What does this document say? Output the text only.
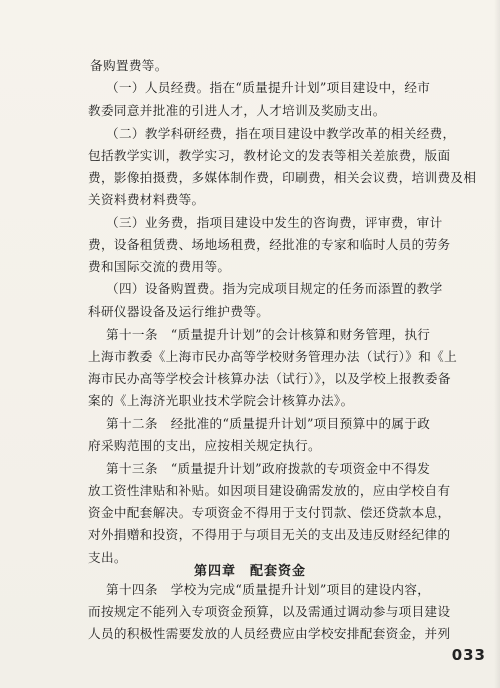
备购置费等。
（一）人员经费。指在“质量提升计划”项目建设中，经市
教委同意并批准的引进人才，人才培训及奖励支出。
（二）教学科研经费，指在项目建设中教学改革的相关经费，
包括教学实训，教学实习，教材论文的发表等相关差旅费，版面
费，影像拍摄费，多媒体制作费，印刷费，相关会议费，培训费及相
关资料费材料费等。
（三）业务费，指项目建设中发生的咨询费，评审费，审计
费，设备租赁费、场地场租费，经批准的专家和临时人员的劳务
费和国际交流的费用等。
（四）设备购置费。指为完成项目规定的任务而添置的教学
科研仪器设备及运行维护费等。
第十一条　“质量提升计划”的会计核算和财务管理，执行
上海市教委《上海市民办高等学校财务管理办法（试行）》和《上
海市民办高等学校会计核算办法（试行）》，以及学校上报教委备
案的《上海济光职业技术学院会计核算办法》。
第十二条　经批准的“质量提升计划”项目预算中的属于政
府采购范围的支出，应按相关规定执行。
第十三条　“质量提升计划”政府拨款的专项资金中不得发
放工资性津贴和补贴。如因项目建设确需发放的，应由学校自有
资金中配套解决。专项资金不得用于支付罚款、偿还贷款本息，
对外捐赠和投资，不得用于与项目无关的支出及违反财经纪律的
支出。
第四章　配套资金
第十四条　学校为完成“质量提升计划”项目的建设内容，
而按规定不能列入专项资金预算，以及需通过调动参与项目建设
人员的积极性需要发放的人员经费应由学校安排配套资金，并列
033
